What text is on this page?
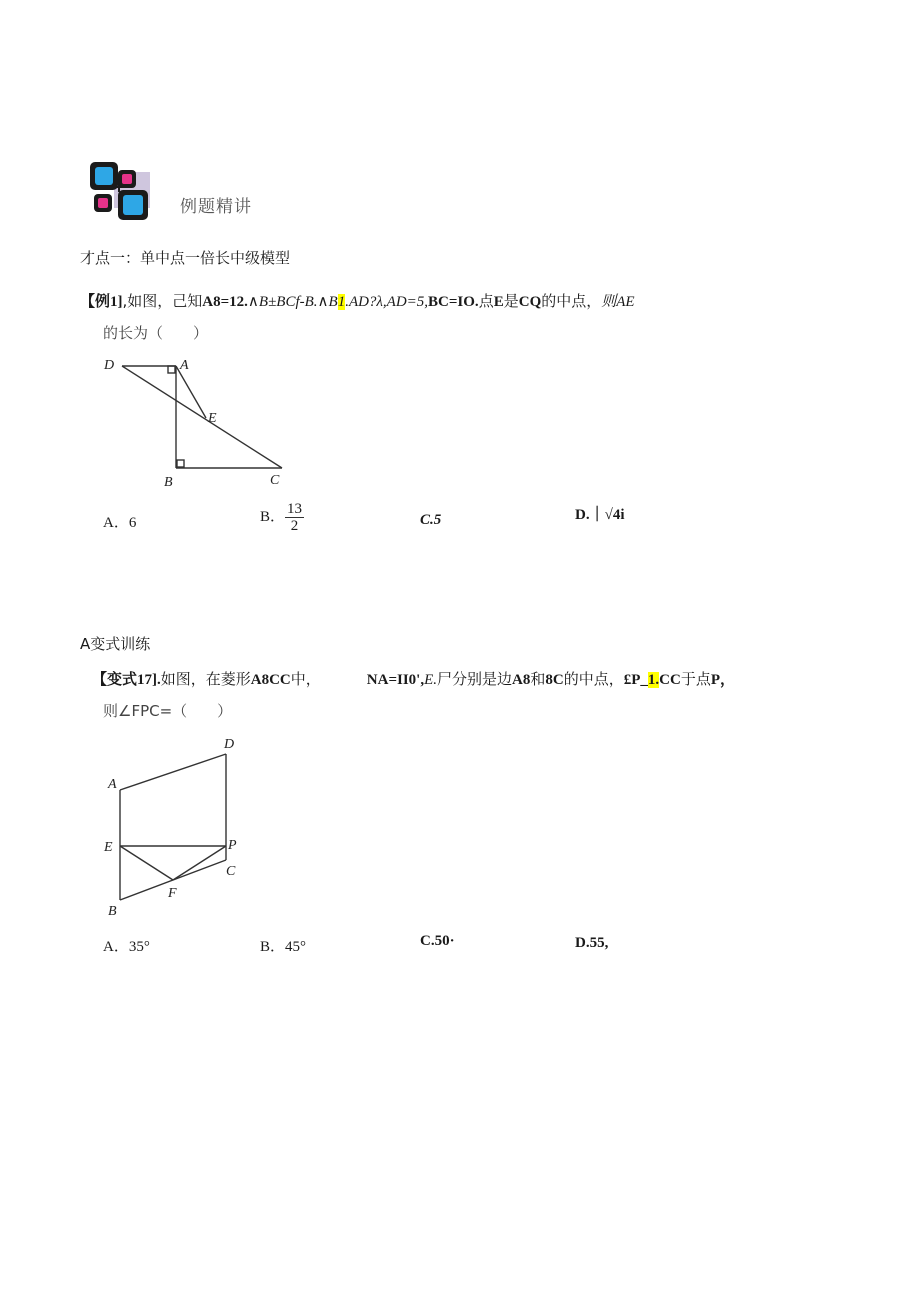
例题精讲
才点一：单中点一倍长中级模型
【例1],如图，己知A8=12.∧B±BCf-B.∧B1.AD?λ,AD=5,BC=IO.点E是CQ的中点，则AE
的长为（　　）
D	A
E
B	C
A．6	B． $\frac{13}{2}$	C.5	D.｜√4i
A变式训练
【变式17].如图，在菱形A8CC中，	NA=II0',E.尸分别是边A8和8C的中点，£P_1.CC于点P，
则∠FPC=（　　）
D
A
E	P
C
F
B
A．35°	B．45°	C.50·	D.55,
